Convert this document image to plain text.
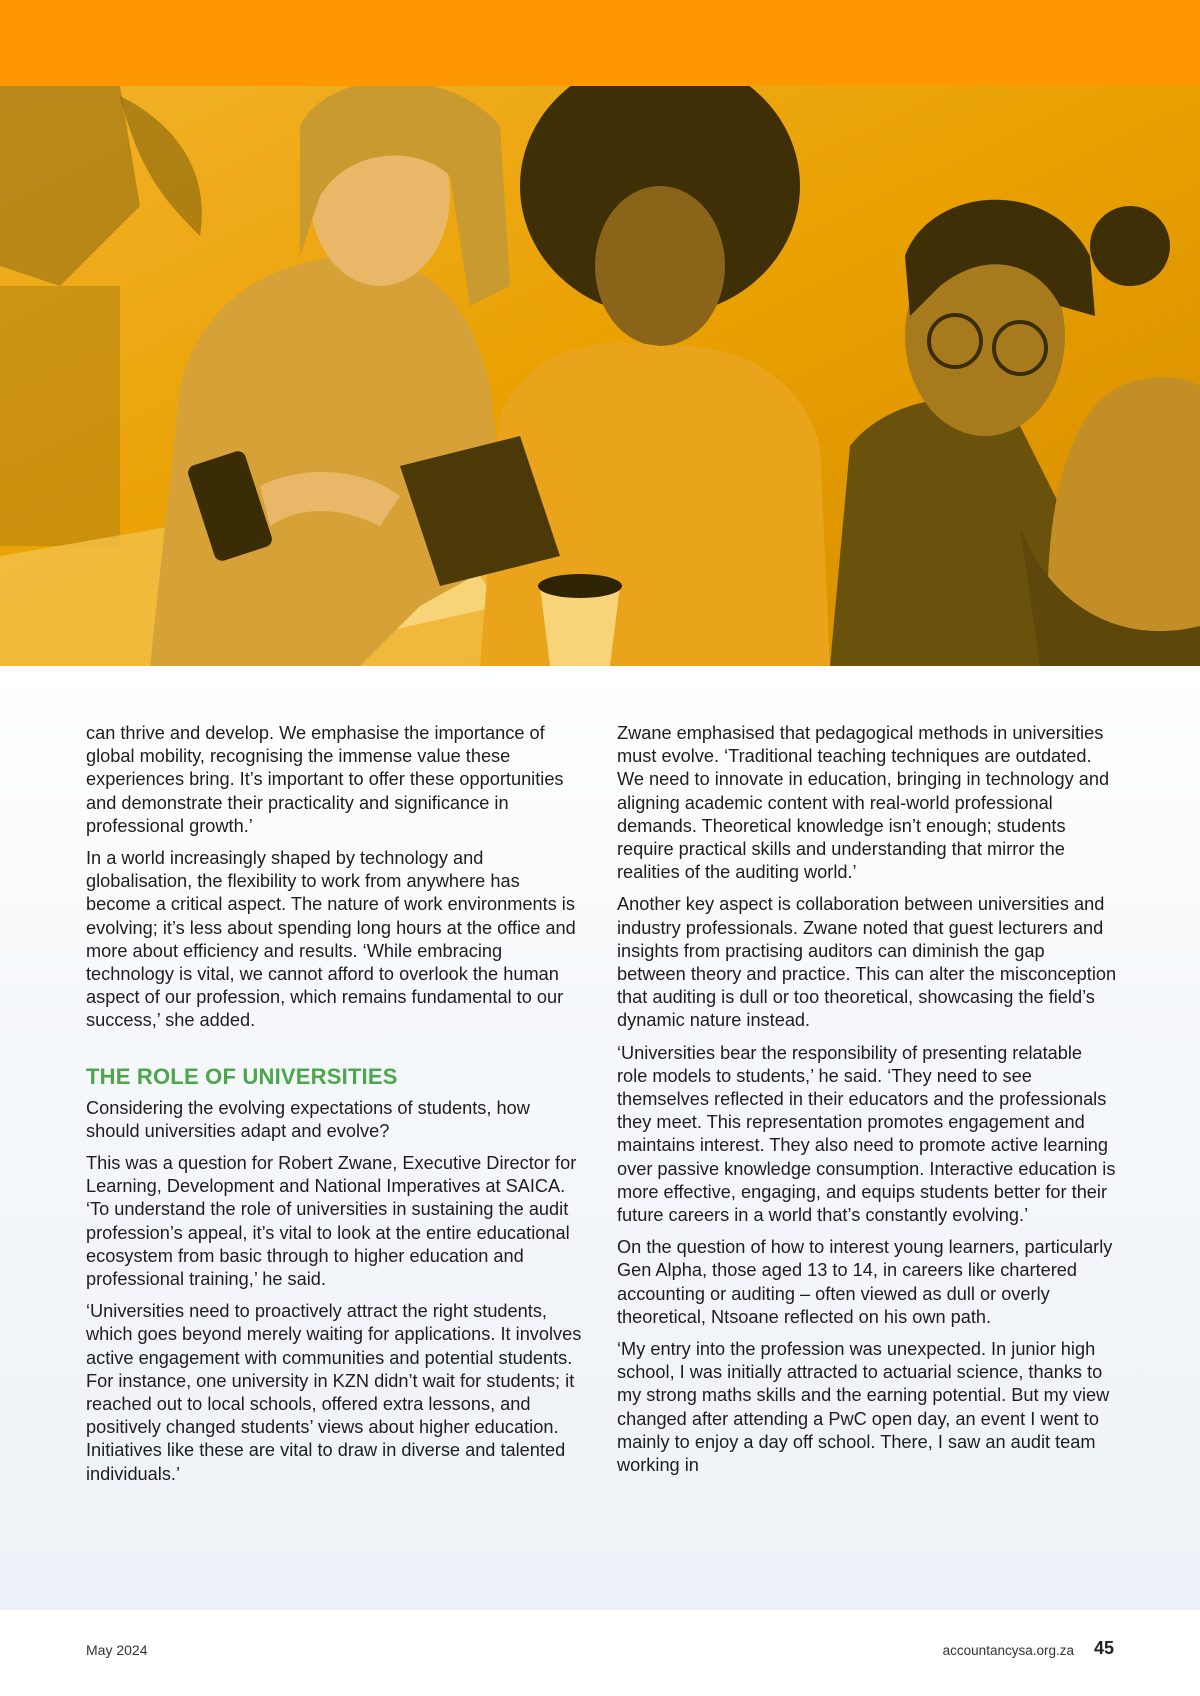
can thrive and develop. We emphasise the importance of global mobility, recognising the immense value these experiences bring. It’s important to offer these opportunities and demonstrate their practicality and significance in professional growth.’

In a world increasingly shaped by technology and globalisation, the flexibility to work from anywhere has become a critical aspect. The nature of work environments is evolving; it’s less about spending long hours at the office and more about efficiency and results. ‘While embracing technology is vital, we cannot afford to overlook the human aspect of our profession, which remains fundamental to our success,’ she added.

THE ROLE OF UNIVERSITIES

Considering the evolving expectations of students, how should universities adapt and evolve?

This was a question for Robert Zwane, Executive Director for Learning, Development and National Imperatives at SAICA. ‘To understand the role of universities in sustaining the audit profession’s appeal, it’s vital to look at the entire educational ecosystem from basic through to higher education and professional training,’ he said.

‘Universities need to proactively attract the right students, which goes beyond merely waiting for applications. It involves active engagement with communities and potential students. For instance, one university in KZN didn’t wait for students; it reached out to local schools, offered extra lessons, and positively changed students’ views about higher education. Initiatives like these are vital to draw in diverse and talented individuals.’

Zwane emphasised that pedagogical methods in universities must evolve. ‘Traditional teaching techniques are outdated. We need to innovate in education, bringing in technology and aligning academic content with real-world professional demands. Theoretical knowledge isn’t enough; students require practical skills and understanding that mirror the realities of the auditing world.’

Another key aspect is collaboration between universities and industry professionals. Zwane noted that guest lecturers and insights from practising auditors can diminish the gap between theory and practice. This can alter the misconception that auditing is dull or too theoretical, showcasing the field’s dynamic nature instead.

‘Universities bear the responsibility of presenting relatable role models to students,’ he said. ‘They need to see themselves reflected in their educators and the professionals they meet. This representation promotes engagement and maintains interest. They also need to promote active learning over passive knowledge consumption. Interactive education is more effective, engaging, and equips students better for their future careers in a world that’s constantly evolving.’

On the question of how to interest young learners, particularly Gen Alpha, those aged 13 to 14, in careers like chartered accounting or auditing – often viewed as dull or overly theoretical, Ntsoane reflected on his own path.

‘My entry into the profession was unexpected. In junior high school, I was initially attracted to actuarial science, thanks to my strong maths skills and the earning potential. But my view changed after attending a PwC open day, an event I went to mainly to enjoy a day off school. There, I saw an audit team working in

May 2024	accountancysa.org.za 45
